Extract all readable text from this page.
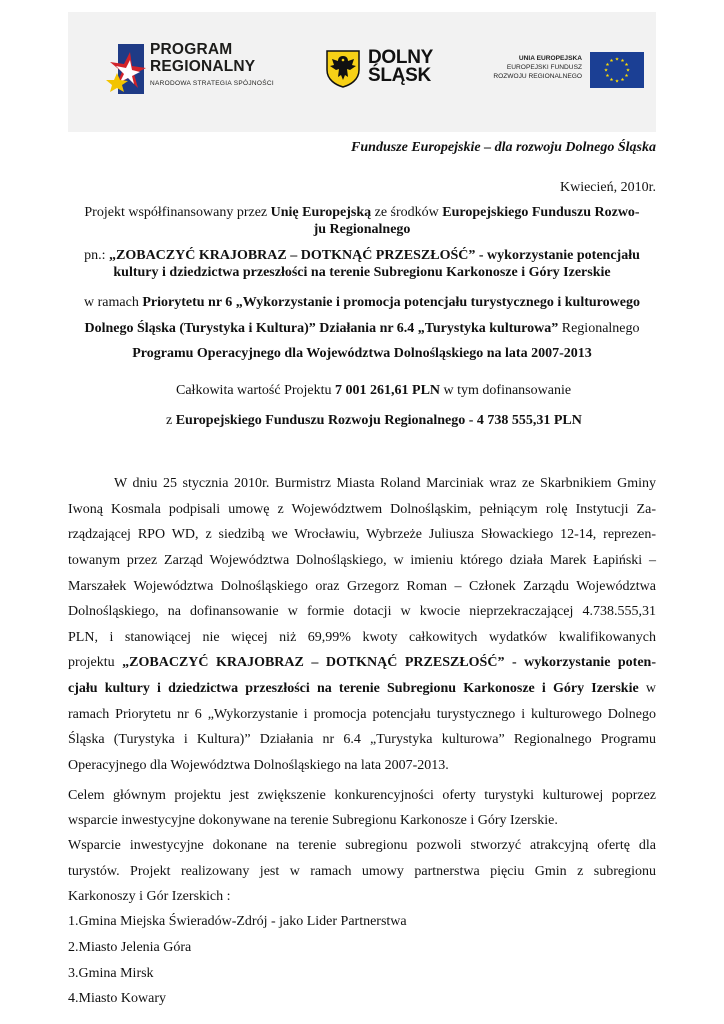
PROGRAM
REGIONALNY
NARODOWA STRATEGIA SPÓJNOŚCI
DOLNY
ŚLĄSK
UNIA EUROPEJSKA
EUROPEJSKI FUNDUSZ
ROZWOJU REGIONALNEGO
Fundusze Europejskie – dla rozwoju Dolnego Śląska
Kwiecień, 2010r.
Projekt współfinansowany przez Unię Europejską ze środków Europejskiego Funduszu Rozwo-
ju Regionalnego
pn.: „ZOBACZYĆ KRAJOBRAZ – DOTKNĄĆ PRZESZŁOŚĆ” - wykorzystanie potencjału
kultury i dziedzictwa przeszłości na terenie Subregionu Karkonosze i Góry Izerskie
w ramach Priorytetu nr 6 „Wykorzystanie i promocja potencjału turystycznego i kulturowego
Dolnego Śląska (Turystyka i Kultura)” Działania nr 6.4 „Turystyka kulturowa” Regionalnego
Programu Operacyjnego dla Województwa Dolnośląskiego na lata 2007-2013
Całkowita wartość Projektu 7 001 261,61 PLN w tym dofinansowanie
z Europejskiego Funduszu Rozwoju Regionalnego - 4 738 555,31 PLN
W dniu 25 stycznia 2010r. Burmistrz Miasta Roland Marciniak wraz ze Skarbnikiem Gminy
Iwoną Kosmala podpisali umowę z Województwem Dolnośląskim, pełniącym rolę Instytucji Za-
rządzającej RPO WD, z siedzibą we Wrocławiu, Wybrzeże Juliusza Słowackiego 12-14, reprezen-
towanym przez Zarząd Województwa Dolnośląskiego, w imieniu którego działa Marek Łapiński –
Marszałek Województwa Dolnośląskiego oraz Grzegorz Roman – Członek Zarządu Województwa
Dolnośląskiego, na dofinansowanie w formie dotacji w kwocie nieprzekraczającej 4.738.555,31
PLN, i stanowiącej nie więcej niż 69,99% kwoty całkowitych wydatków kwalifikowanych
projektu „ZOBACZYĆ KRAJOBRAZ – DOTKNĄĆ PRZESZŁOŚĆ” - wykorzystanie poten-
cjału kultury i dziedzictwa przeszłości na terenie Subregionu Karkonosze i Góry Izerskie w
ramach Priorytetu nr 6 „Wykorzystanie i promocja potencjału turystycznego i kulturowego Dolnego
Śląska (Turystyka i Kultura)” Działania nr 6.4 „Turystyka kulturowa” Regionalnego Programu
Operacyjnego dla Województwa Dolnośląskiego na lata 2007-2013.
Celem głównym projektu jest zwiększenie konkurencyjności oferty turystyki kulturowej poprzez
wsparcie inwestycyjne dokonywane na terenie Subregionu Karkonosze i Góry Izerskie.
Wsparcie inwestycyjne dokonane na terenie subregionu pozwoli stworzyć atrakcyjną ofertę dla
turystów. Projekt realizowany jest w ramach umowy partnerstwa pięciu Gmin z subregionu
Karkonoszy i Gór Izerskich :
1.Gmina Miejska Świeradów-Zdrój - jako Lider Partnerstwa
2.Miasto Jelenia Góra
3.Gmina Mirsk
4.Miasto Kowary
